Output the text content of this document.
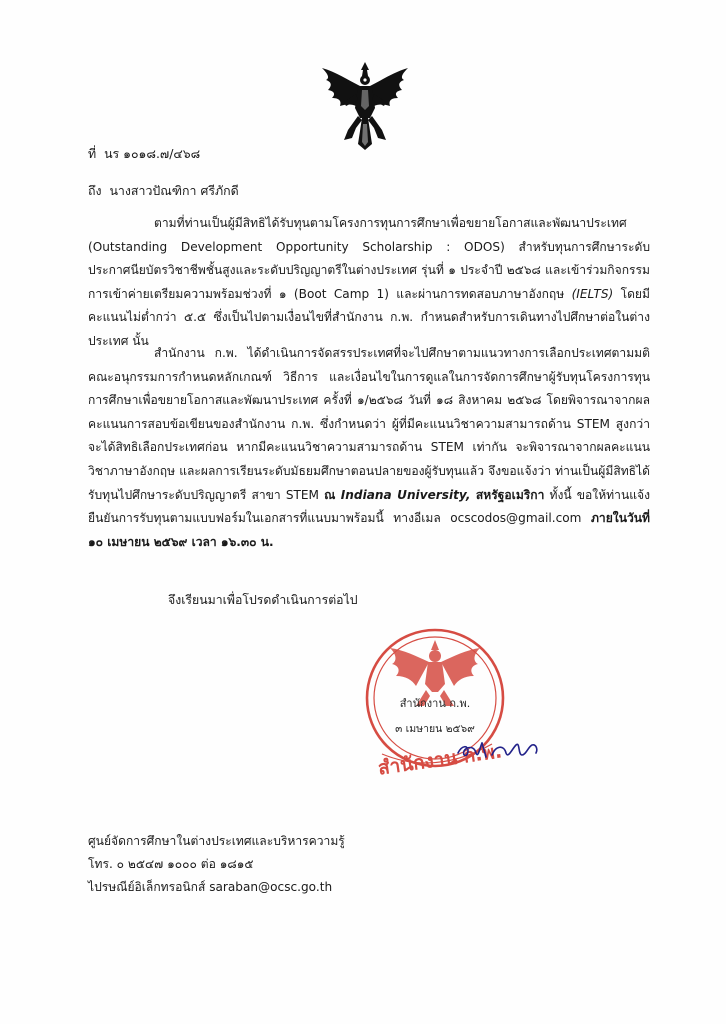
ที่ นร ๑๐๑๘.๗/๔๖๘
ถึง นางสาวปัณฑิกา ศรีภักดี

ตามที่ท่านเป็นผู้มีสิทธิได้รับทุนตามโครงการทุนการศึกษาเพื่อขยายโอกาสและพัฒนาประเทศ (Outstanding Development Opportunity Scholarship : ODOS) สำหรับทุนการศึกษาระดับประกาศนียบัตรวิชาชีพชั้นสูงและระดับปริญญาตรีในต่างประเทศ รุ่นที่ ๑ ประจำปี ๒๕๖๘ และเข้าร่วมกิจกรรมการเข้าค่ายเตรียมความพร้อมช่วงที่ ๑ (Boot Camp 1) และผ่านการทดสอบภาษาอังกฤษ (IELTS) โดยมีคะแนนไม่ต่ำกว่า ๕.๕ ซึ่งเป็นไปตามเงื่อนไขที่สำนักงาน ก.พ. กำหนดสำหรับการเดินทางไปศึกษาต่อในต่างประเทศ นั้น

สำนักงาน ก.พ. ได้ดำเนินการจัดสรรประเทศที่จะไปศึกษาตามแนวทางการเลือกประเทศตามมติคณะอนุกรรมการกำหนดหลักเกณฑ์ วิธีการ และเงื่อนไขในการดูแลในการจัดการศึกษาผู้รับทุนโครงการทุนการศึกษาเพื่อขยายโอกาสและพัฒนาประเทศ ครั้งที่ ๑/๒๕๖๘ วันที่ ๑๘ สิงหาคม ๒๕๖๘ โดยพิจารณาจากผลคะแนนการสอบข้อเขียนของสำนักงาน ก.พ. ซึ่งกำหนดว่า ผู้ที่มีคะแนนวิชาความสามารถด้าน STEM สูงกว่าจะได้สิทธิเลือกประเทศก่อน หากมีคะแนนวิชาความสามารถด้าน STEM เท่ากัน จะพิจารณาจากผลคะแนนวิชาภาษาอังกฤษ และผลการเรียนระดับมัธยมศึกษาตอนปลายของผู้รับทุนแล้ว จึงขอแจ้งว่า ท่านเป็นผู้มีสิทธิได้รับทุนไปศึกษาระดับปริญญาตรี สาขา STEM ณ Indiana University, สหรัฐอเมริกา ทั้งนี้ ขอให้ท่านแจ้งยืนยันการรับทุนตามแบบฟอร์มในเอกสารที่แนบมาพร้อมนี้ ทางอีเมล ocscodos@gmail.com ภายในวันที่ ๑๐ เมษายน ๒๕๖๙ เวลา ๑๖.๓๐ น.

จึงเรียนมาเพื่อโปรดดำเนินการต่อไป
สำนักงาน ก.พ.
๓ เมษายน ๒๕๖๙
สำนักงาน ก.พ.
ศูนย์จัดการศึกษาในต่างประเทศและบริหารความรู้
โทร. ๐ ๒๕๔๗ ๑๐๐๐ ต่อ ๑๘๑๕
ไปรษณีย์อิเล็กทรอนิกส์ saraban@ocsc.go.th
